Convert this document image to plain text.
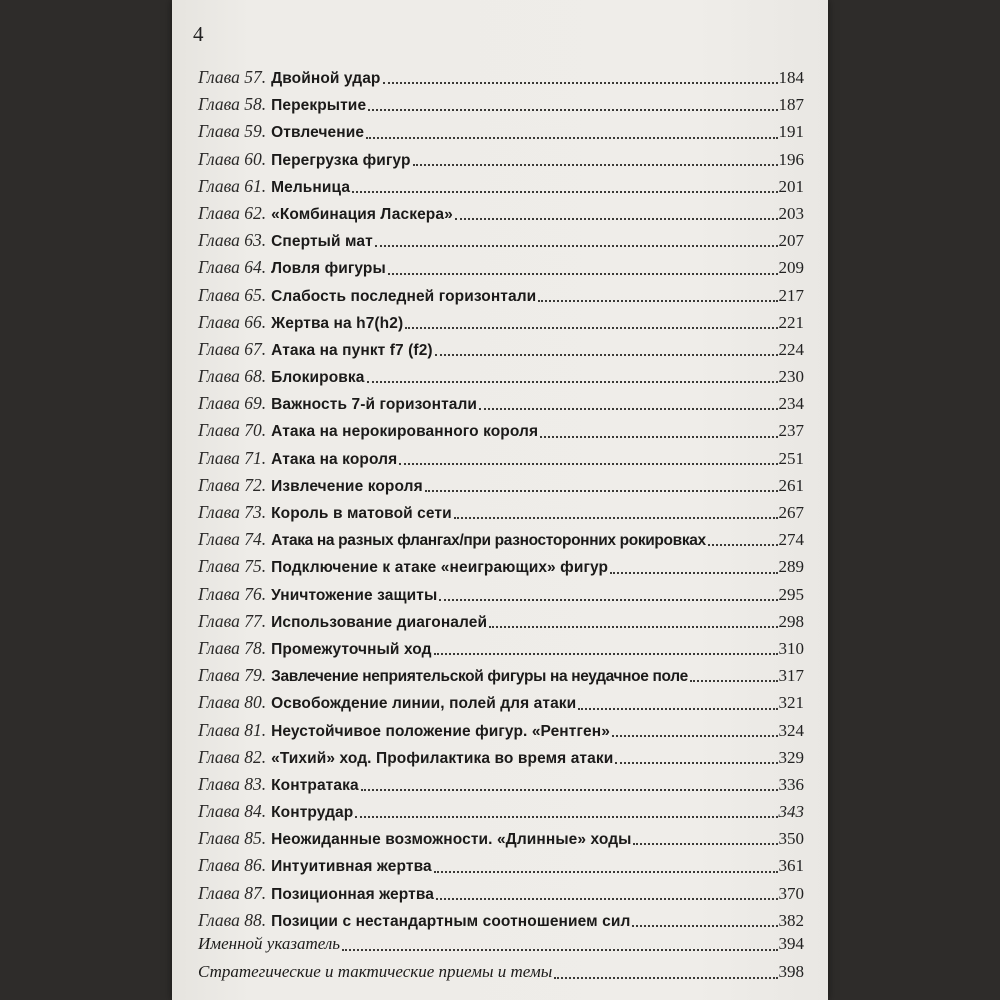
4
Глава 57. Двойной удар	184
Глава 58. Перекрытие	187
Глава 59. Отвлечение	191
Глава 60. Перегрузка фигур	196
Глава 61. Мельница	201
Глава 62. «Комбинация Ласкера»	203
Глава 63. Спертый мат	207
Глава 64. Ловля фигуры	209
Глава 65. Слабость последней горизонтали	217
Глава 66. Жертва на h7(h2)	221
Глава 67. Атака на пункт f7 (f2)	224
Глава 68. Блокировка	230
Глава 69. Важность 7-й горизонтали	234
Глава 70. Атака на нерокированного короля	237
Глава 71. Атака на короля	251
Глава 72. Извлечение короля	261
Глава 73. Король в матовой сети	267
Глава 74. Атака на разных флангах/при разносторонних рокировках	274
Глава 75. Подключение к атаке «неиграющих» фигур	289
Глава 76. Уничтожение защиты	295
Глава 77. Использование диагоналей	298
Глава 78. Промежуточный ход	310
Глава 79. Завлечение неприятельской фигуры на неудачное поле	317
Глава 80. Освобождение линии, полей для атаки	321
Глава 81. Неустойчивое положение фигур. «Рентген»	324
Глава 82. «Тихий» ход. Профилактика во время атаки	329
Глава 83. Контратака	336
Глава 84. Контрудар	343
Глава 85. Неожиданные возможности. «Длинные» ходы	350
Глава 86. Интуитивная жертва	361
Глава 87. Позиционная жертва	370
Глава 88. Позиции с нестандартным соотношением сил	382
Именной указатель	394
Стратегические и тактические приемы и темы	398
